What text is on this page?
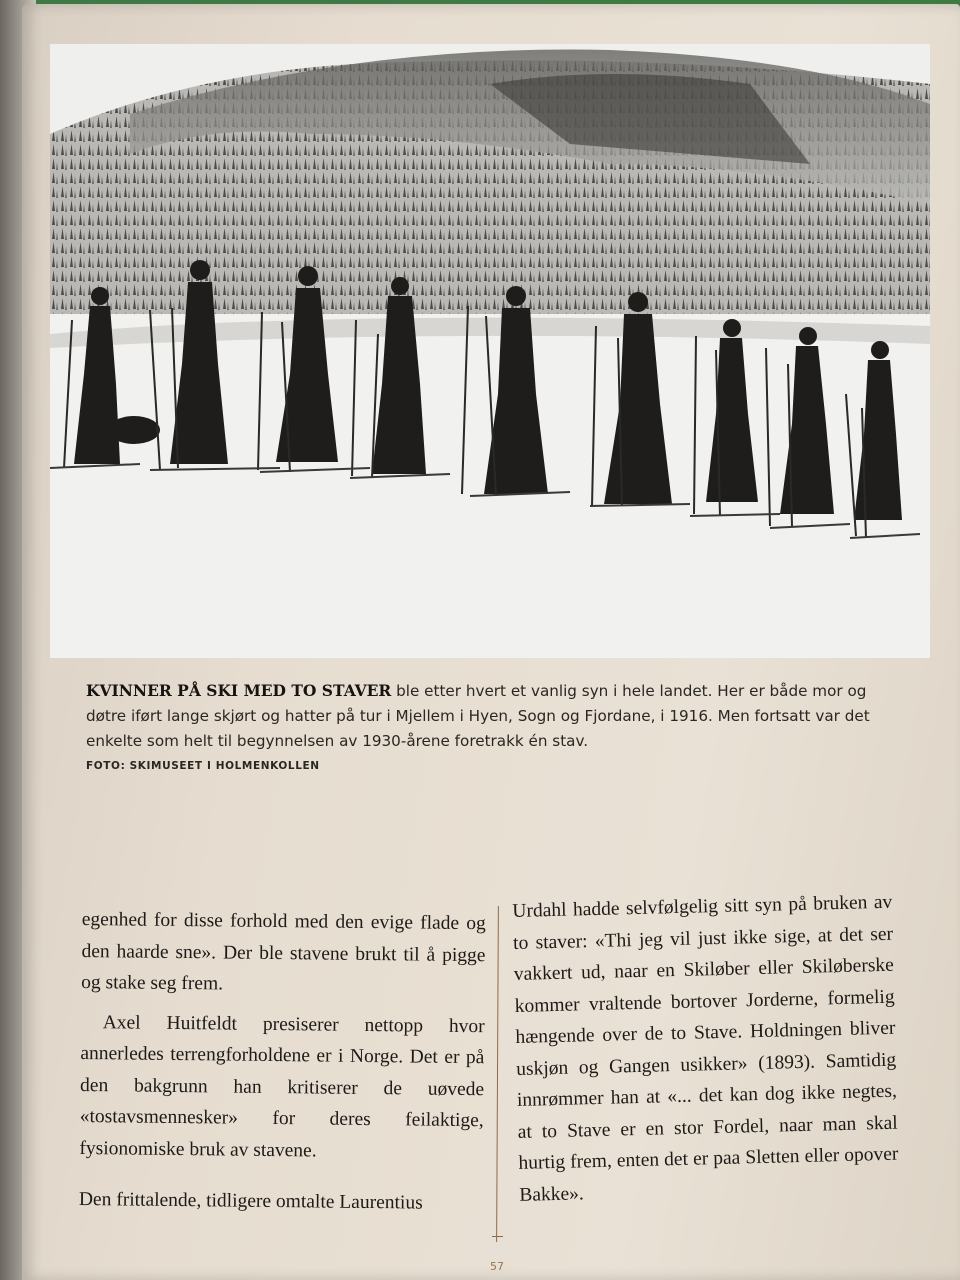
KVINNER PÅ SKI MED TO STAVER ble etter hvert et vanlig syn i hele landet. Her er både mor og døtre iført lange skjørt og hatter på tur i Mjellem i Hyen, Sogn og Fjordane, i 1916. Men fortsatt var det enkelte som helt til begynnelsen av 1930-årene foretrakk én stav.
FOTO: SKIMUSEET I HOLMENKOLLEN

egenhed for disse forhold med den evige flade og den haarde sne». Der ble stavene brukt til å pigge og stake seg frem.

Axel Huitfeldt presiserer nettopp hvor annerledes terrengforholdene er i Norge. Det er på den bakgrunn han kritiserer de uøvede «tostavsmennesker» for deres feilaktige, fysionomiske bruk av stavene.

Den frittalende, tidligere omtalte Laurentius

Urdahl hadde selvfølgelig sitt syn på bruken av to staver: «Thi jeg vil just ikke sige, at det ser vakkert ud, naar en Skiløber eller Skiløberske kommer vraltende bortover Jorderne, formelig hængende over de to Stave. Holdningen bliver uskjøn og Gangen usikker» (1893). Samtidig innrømmer han at «... det kan dog ikke negtes, at to Stave er en stor Fordel, naar man skal hurtig frem, enten det er paa Sletten eller opover Bakke».

57
